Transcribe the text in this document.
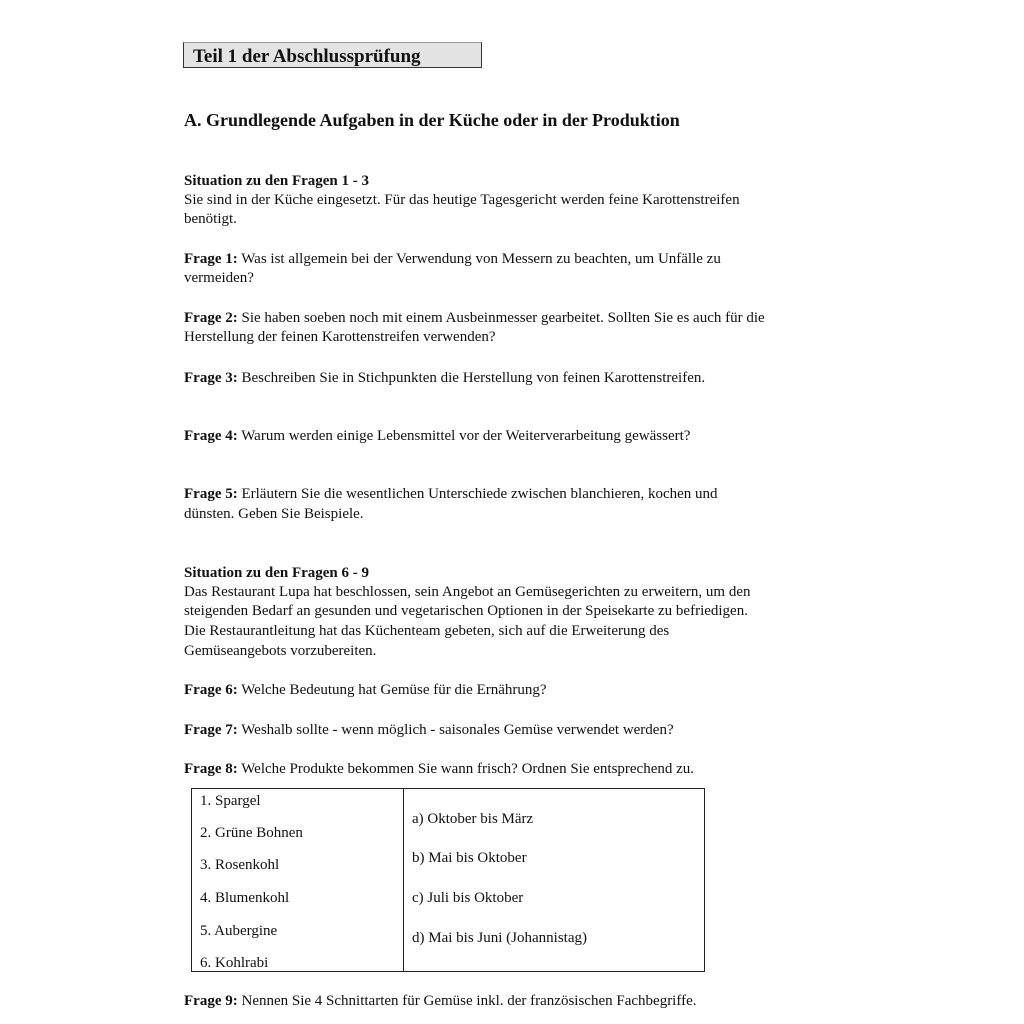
Teil 1 der Abschlussprüfung
A. Grundlegende Aufgaben in der Küche oder in der Produktion
Situation zu den Fragen 1 - 3
Sie sind in der Küche eingesetzt. Für das heutige Tagesgericht werden feine Karottenstreifen
benötigt.
Frage 1: Was ist allgemein bei der Verwendung von Messern zu beachten, um Unfälle zu
vermeiden?
Frage 2: Sie haben soeben noch mit einem Ausbeinmesser gearbeitet. Sollten Sie es auch für die
Herstellung der feinen Karottenstreifen verwenden?
Frage 3: Beschreiben Sie in Stichpunkten die Herstellung von feinen Karottenstreifen.
Frage 4: Warum werden einige Lebensmittel vor der Weiterverarbeitung gewässert?
Frage 5: Erläutern Sie die wesentlichen Unterschiede zwischen blanchieren, kochen und
dünsten. Geben Sie Beispiele.
Situation zu den Fragen 6 - 9
Das Restaurant Lupa hat beschlossen, sein Angebot an Gemüsegerichten zu erweitern, um den
steigenden Bedarf an gesunden und vegetarischen Optionen in der Speisekarte zu befriedigen.
Die Restaurantleitung hat das Küchenteam gebeten, sich auf die Erweiterung des
Gemüseangebots vorzubereiten.
Frage 6: Welche Bedeutung hat Gemüse für die Ernährung?
Frage 7: Weshalb sollte - wenn möglich - saisonales Gemüse verwendet werden?
Frage 8: Welche Produkte bekommen Sie wann frisch? Ordnen Sie entsprechend zu.
1. Spargel
2. Grüne Bohnen
3. Rosenkohl
4. Blumenkohl
5. Aubergine
6. Kohlrabi
a) Oktober bis März
b) Mai bis Oktober
c) Juli bis Oktober
d) Mai bis Juni (Johannistag)
Frage 9: Nennen Sie 4 Schnittarten für Gemüse inkl. der französischen Fachbegriffe.
